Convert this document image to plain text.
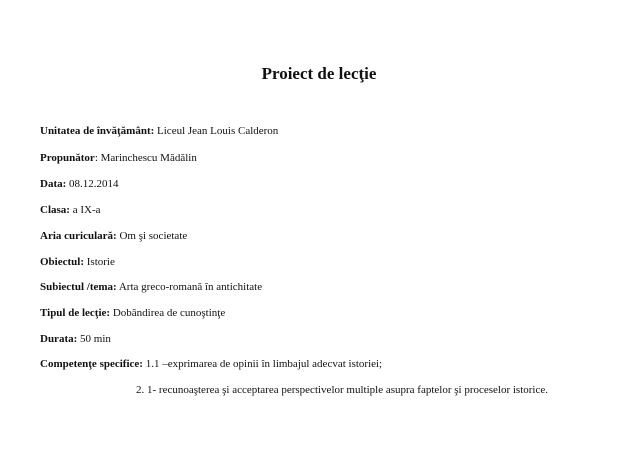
Proiect de lecţie
Unitatea de învăţământ: Liceul Jean Louis Calderon
Propunător: Marinchescu Mădălin
Data: 08.12.2014
Clasa: a IX-a
Aria curiculară: Om şi societate
Obiectul: Istorie
Subiectul /tema: Arta greco-romană în antichitate
Tipul de lecţie: Dobândirea de cunoştinţe
Durata: 50 min
Competenţe specifice: 1.1 –exprimarea de opinii în limbajul adecvat istoriei;
2. 1- recunoaşterea şi acceptarea perspectivelor multiple asupra faptelor şi proceselor istorice.
